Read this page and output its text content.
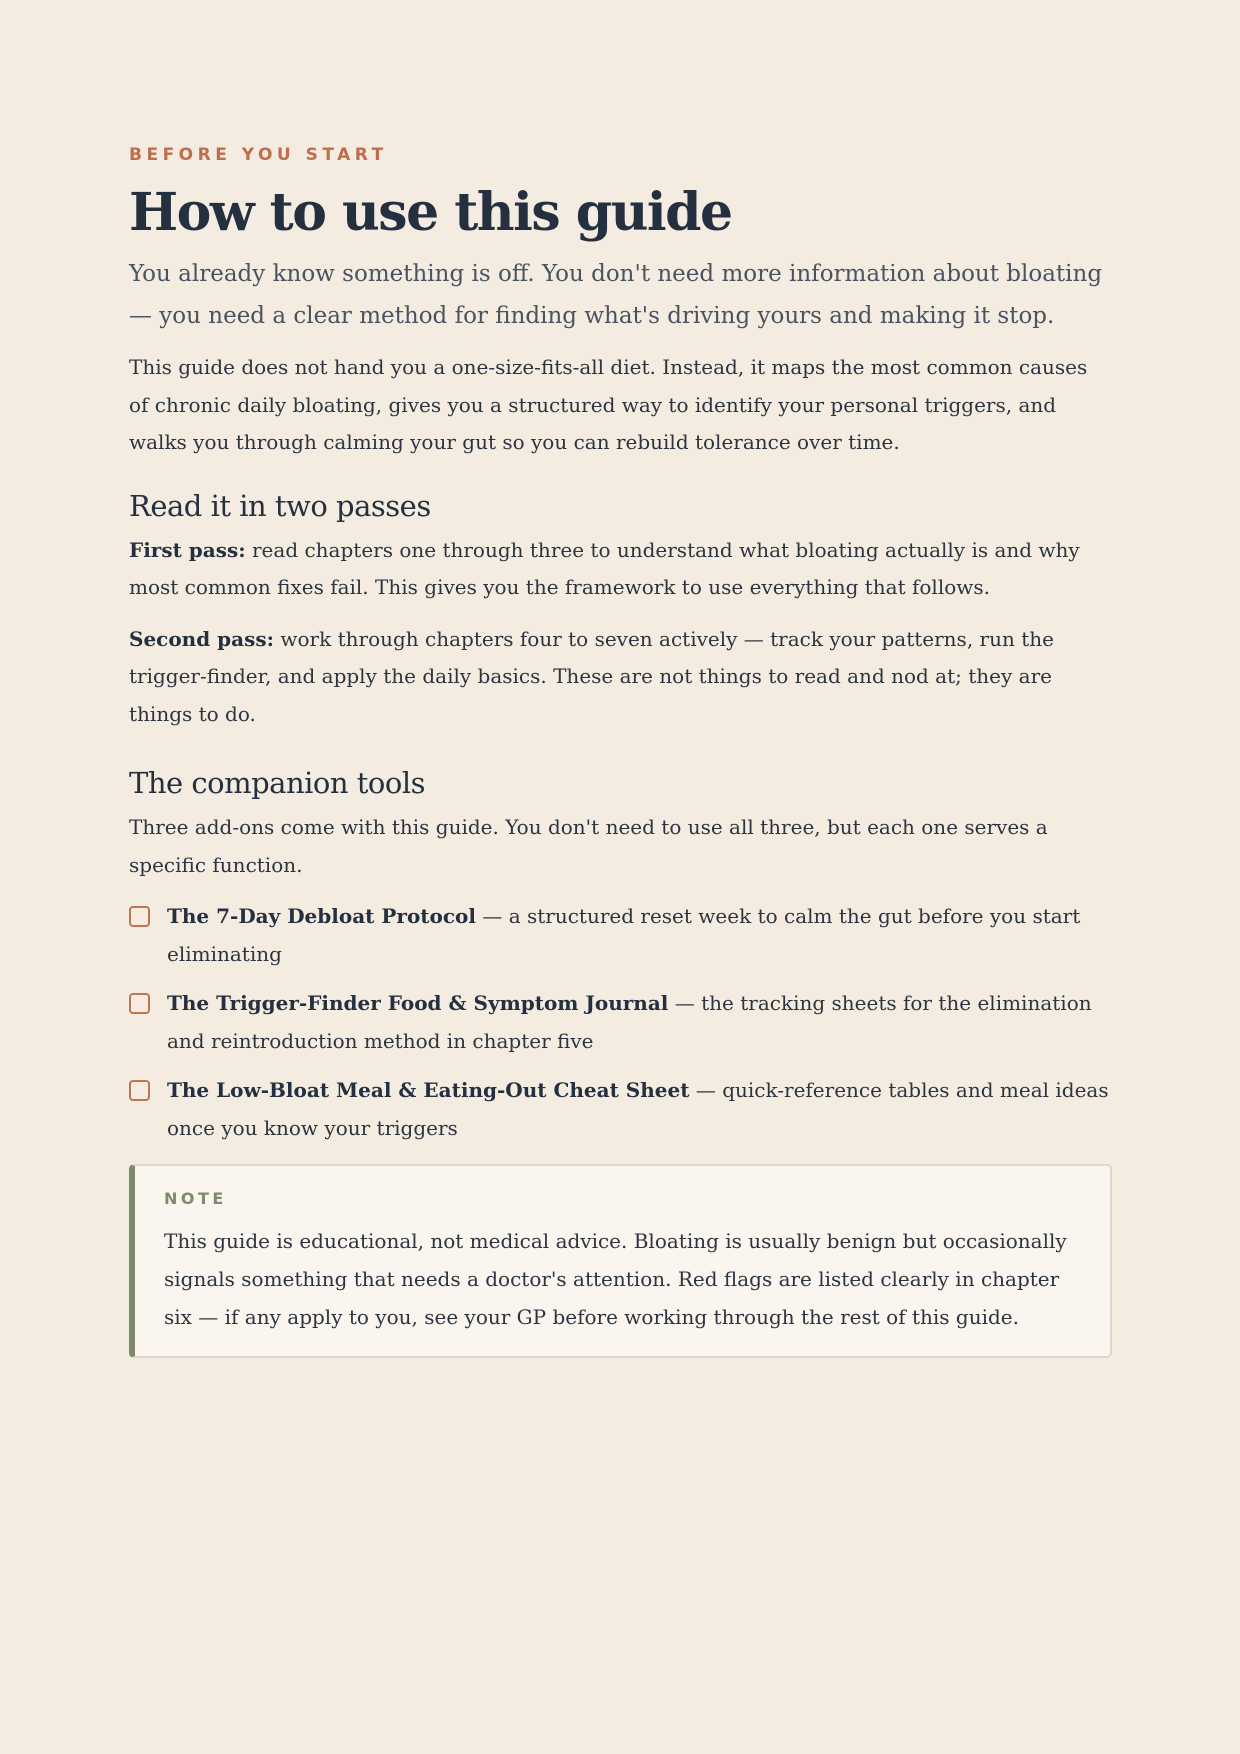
BEFORE YOU START
How to use this guide

You already know something is off. You don't need more information about bloating — you need a clear method for finding what's driving yours and making it stop.

This guide does not hand you a one-size-fits-all diet. Instead, it maps the most common causes of chronic daily bloating, gives you a structured way to identify your personal triggers, and walks you through calming your gut so you can rebuild tolerance over time.

Read it in two passes

First pass: read chapters one through three to understand what bloating actually is and why most common fixes fail. This gives you the framework to use everything that follows.

Second pass: work through chapters four to seven actively — track your patterns, run the trigger-finder, and apply the daily basics. These are not things to read and nod at; they are things to do.

The companion tools

Three add-ons come with this guide. You don't need to use all three, but each one serves a specific function.

The 7-Day Debloat Protocol — a structured reset week to calm the gut before you start eliminating
The Trigger-Finder Food & Symptom Journal — the tracking sheets for the elimination and reintroduction method in chapter five
The Low-Bloat Meal & Eating-Out Cheat Sheet — quick-reference tables and meal ideas once you know your triggers
NOTE

This guide is educational, not medical advice. Bloating is usually benign but occasionally signals something that needs a doctor's attention. Red flags are listed clearly in chapter six — if any apply to you, see your GP before working through the rest of this guide.
